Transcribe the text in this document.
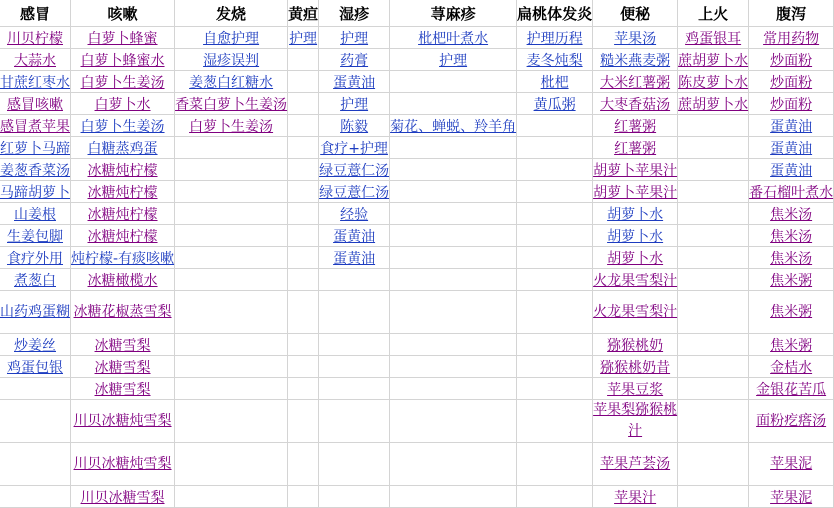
感冒	咳嗽	发烧	黄疸	湿疹	荨麻疹	扁桃体发炎	便秘	上火	腹泻
川贝柠檬	白萝卜蜂蜜	自愈护理	护理	护理	枇杷叶煮水	护理历程	苹果汤	鸡蛋银耳	常用药物
大蒜水	白萝卜蜂蜜水	湿疹误判		药膏	护理	麦冬炖梨	糙米燕麦粥	蔗胡萝卜水	炒面粉
甘蔗红枣水	白萝卜生姜汤	姜葱白红糖水		蛋黄油		枇杷	大米红薯粥	陈皮萝卜水	炒面粉
感冒咳嗽	白萝卜水	香菜白萝卜生姜汤		护理		黄瓜粥	大枣香菇汤	蔗胡萝卜水	炒面粉
感冒煮苹果	白萝卜生姜汤	白萝卜生姜汤		陈毅	菊花、蝉蜕、羚羊角		红薯粥		蛋黄油
红萝卜马蹄	白糖蒸鸡蛋			食疗+护理			红薯粥		蛋黄油
姜葱香菜汤	冰糖炖柠檬			绿豆薏仁汤			胡萝卜苹果汁		蛋黄油
马蹄胡萝卜	冰糖炖柠檬			绿豆薏仁汤			胡萝卜苹果汁		番石榴叶煮水
山姜根	冰糖炖柠檬			经验			胡萝卜水		焦米汤
生姜包脚	冰糖炖柠檬			蛋黄油			胡萝卜水		焦米汤
食疗外用	炖柠檬-有痰咳嗽			蛋黄油			胡萝卜水		焦米汤
煮葱白	冰糖橄榄水						火龙果雪梨汁		焦米粥
山药鸡蛋糊	冰糖花椒蒸雪梨						火龙果雪梨汁		焦米粥
炒姜丝	冰糖雪梨						猕猴桃奶		焦米粥
鸡蛋包银	冰糖雪梨						猕猴桃奶昔		金桔水
	冰糖雪梨						苹果豆浆		金银花苦瓜
	川贝冰糖炖雪梨						苹果梨猕猴桃汁		面粉疙瘩汤
	川贝冰糖炖雪梨						苹果芦荟汤		苹果泥
	川贝冰糖雪梨						苹果汁		苹果泥
